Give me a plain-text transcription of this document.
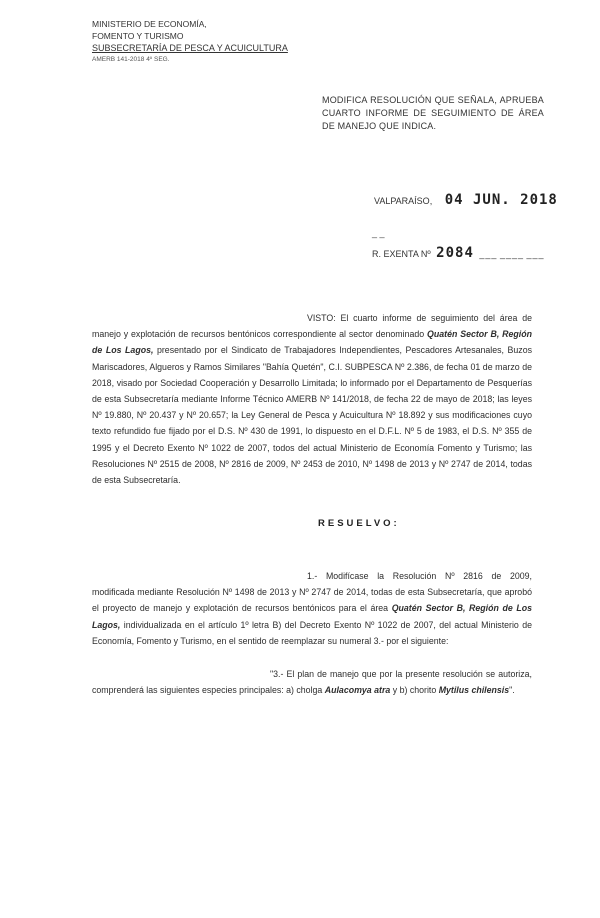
MINISTERIO DE ECONOMÍA,
FOMENTO Y TURISMO
SUBSECRETARÍA DE PESCA Y ACUICULTURA
AMERB 141-2018 4º SEG.
MODIFICA RESOLUCIÓN QUE SEÑALA, APRUEBA CUARTO INFORME DE SEGUIMIENTO DE ÁREA DE MANEJO QUE INDICA.
VALPARAÍSO, 04 JUN. 2018
_ _
R. EXENTA Nº 2084 ___ ____ ___
VISTO: El cuarto informe de seguimiento del área de manejo y explotación de recursos bentónicos correspondiente al sector denominado Quatén Sector B, Región de Los Lagos, presentado por el Sindicato de Trabajadores Independientes, Pescadores Artesanales, Buzos Mariscadores, Algueros y Ramos Similares "Bahía Quetén", C.I. SUBPESCA Nº 2.386, de fecha 01 de marzo de 2018, visado por Sociedad Cooperación y Desarrollo Limitada; lo informado por el Departamento de Pesquerías de esta Subsecretaría mediante Informe Técnico AMERB Nº 141/2018, de fecha 22 de mayo de 2018; las leyes Nº 19.880, Nº 20.437 y Nº 20.657; la Ley General de Pesca y Acuicultura Nº 18.892 y sus modificaciones cuyo texto refundido fue fijado por el D.S. Nº 430 de 1991, lo dispuesto en el D.F.L. Nº 5 de 1983, el D.S. Nº 355 de 1995 y el Decreto Exento Nº 1022 de 2007, todos del actual Ministerio de Economía Fomento y Turismo; las Resoluciones Nº 2515 de 2008, Nº 2816 de 2009, Nº 2453 de 2010, Nº 1498 de 2013 y Nº 2747 de 2014, todas de esta Subsecretaría.
RESUELVO:
1.- Modifícase la Resolución Nº 2816 de 2009, modificada mediante Resolución Nº 1498 de 2013 y Nº 2747 de 2014, todas de esta Subsecretaría, que aprobó el proyecto de manejo y explotación de recursos bentónicos para el área Quatén Sector B, Región de Los Lagos, individualizada en el artículo 1º letra B) del Decreto Exento Nº 1022 de 2007, del actual Ministerio de Economía, Fomento y Turismo, en el sentido de reemplazar su numeral 3.- por el siguiente:
"3.- El plan de manejo que por la presente resolución se autoriza, comprenderá las siguientes especies principales: a) cholga Aulacomya atra y b) chorito Mytilus chilensis".
